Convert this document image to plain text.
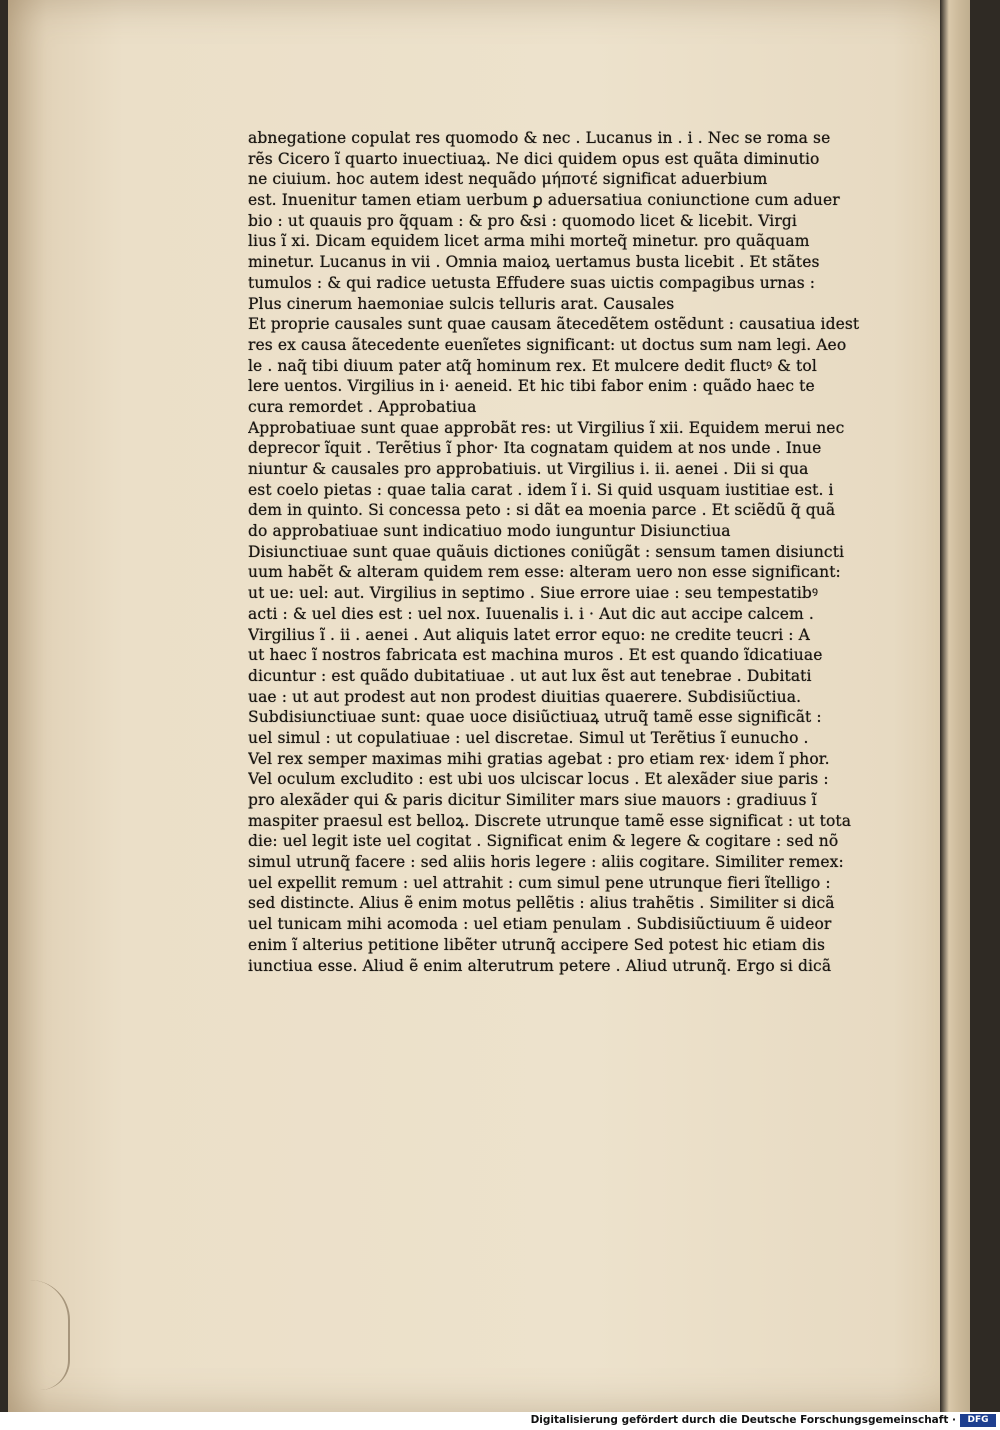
abnegatione copulat res quomodo & nec . Lucanus in . i . Nec se roma se
rẽs Cicero ĩ quarto inuectiuaꝝ. Ne dici quidem opus est quãta diminutio
ne ciuium. hoc autem idest nequãdo μήποτέ significat aduerbium
est. Inuenitur tamen etiam uerbum ꝑ aduersatiua coniunctione cum aduer
bio : ut quauis pro q̃quam : & pro &si : quomodo licet & licebit. Virgi
lius ĩ xi. Dicam equidem licet arma mihi morteq̃ minetur. pro quãquam
minetur. Lucanus in vii . Omnia maioꝝ uertamus busta licebit . Et stãtes
tumulos : & qui radice uetusta Effudere suas uictis compagibus urnas :
Plus cinerum haemoniae sulcis telluris arat. Causales
Et proprie causales sunt quae causam ãtecedẽtem ostẽdunt : causatiua idest
res ex causa ãtecedente euenĩetes significant: ut doctus sum nam legi. Aeo
le . naq̃ tibi diuum pater atq̃ hominum rex. Et mulcere dedit fluctꝰ & tol
lere uentos. Virgilius in i· aeneid. Et hic tibi fabor enim : quãdo haec te
cura remordet . Approbatiua
Approbatiuae sunt quae approbãt res: ut Virgilius ĩ xii. Equidem merui nec
deprecor ĩquit . Terẽtius ĩ phor· Ita cognatam quidem at nos unde . Inue
niuntur & causales pro approbatiuis. ut Virgilius i. ii. aenei . Dii si qua
est coelo pietas : quae talia carat . idem ĩ i. Si quid usquam iustitiae est. i
dem in quinto. Si concessa peto : si dãt ea moenia parce . Et sciẽdũ q̃ quã
do approbatiuae sunt indicatiuo modo iunguntur Disiunctiua
Disiunctiuae sunt quae quãuis dictiones coniũgãt : sensum tamen disiuncti
uum habẽt & alteram quidem rem esse: alteram uero non esse significant:
ut ue: uel: aut. Virgilius in septimo . Siue errore uiae : seu tempestatibꝰ
acti : & uel dies est : uel nox. Iuuenalis i. i · Aut dic aut accipe calcem .
Virgilius ĩ . ii . aenei . Aut aliquis latet error equo: ne credite teucri : A
ut haec ĩ nostros fabricata est machina muros . Et est quando ĩdicatiuae
dicuntur : est quãdo dubitatiuae . ut aut lux ẽst aut tenebrae . Dubitati
uae : ut aut prodest aut non prodest diuitias quaerere. Subdisiũctiua.
Subdisiunctiuae sunt: quae uoce disiũctiuaꝝ utruq̃ tamẽ esse significãt :
uel simul : ut copulatiuae : uel discretae. Simul ut Terẽtius ĩ eunucho .
Vel rex semper maximas mihi gratias agebat : pro etiam rex· idem ĩ phor.
Vel oculum excludito : est ubi uos ulciscar locus . Et alexãder siue paris :
pro alexãder qui & paris dicitur Similiter mars siue mauors : gradiuus ĩ
maspiter praesul est belloꝝ. Discrete utrunque tamẽ esse significat : ut tota
die: uel legit iste uel cogitat . Significat enim & legere & cogitare : sed nõ
simul utrunq̃ facere : sed aliis horis legere : aliis cogitare. Similiter remex:
uel expellit remum : uel attrahit : cum simul pene utrunque fieri ĩtelligo :
sed distincte. Alius ẽ enim motus pellẽtis : alius trahẽtis . Similiter si dicã
uel tunicam mihi acomoda : uel etiam penulam . Subdisiũctiuum ẽ uideor
enim ĩ alterius petitione libẽter utrunq̃ accipere Sed potest hic etiam dis
iunctiua esse. Aliud ẽ enim alterutrum petere . Aliud utrunq̃. Ergo si dicã
Digitalisierung gefördert durch die Deutsche Forschungsgemeinschaft ·	DFG
